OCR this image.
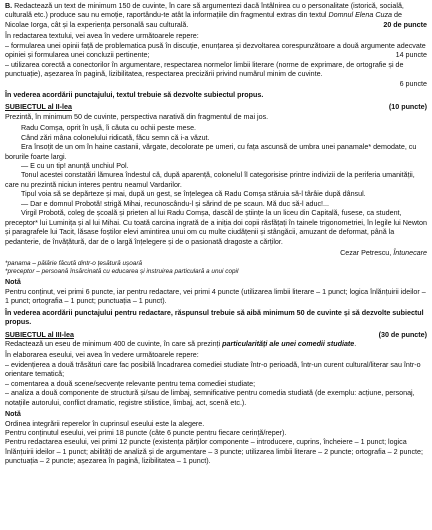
B. Redactează un text de minimum 150 de cuvinte, în care să argumentezi dacă întâlnirea cu o personalitate (istorică, socială, culturală etc.) produce sau nu emoție, raportându-te atât la informațiile din fragmentul extras din textul Domnul Elena Cuza de Nicolae Iorga, cât și la experiența personală sau culturală.	20 de puncte

În redactarea textului, vei avea în vedere următoarele repere:

– formularea unei opinii față de problematica pusă în discuție, enunțarea și dezvoltarea corespunzătoare a două argumente adecvate opiniei și formularea unei concluzii pertinente;	14 puncte

– utilizarea corectă a conectorilor în argumentare, respectarea normelor limbii literare (norme de exprimare, de ortografie și de punctuație), așezarea în pagină, lizibilitatea, respectarea precizării privind numărul minim de cuvinte.

6 puncte

În vederea acordării punctajului, textul trebuie să dezvolte subiectul propus.

SUBIECTUL al II-lea	(10 puncte)

Prezintă, în minimum 50 de cuvinte, perspectiva narativă din fragmentul de mai jos.

Radu Comșa, oprit în ușă, îi căuta cu ochii peste mese.

Când zări mâna colonelului ridicată, făcu semn că i-a văzut.

Era însoțit de un om în haine castanii, vărgate, decolorate pe umeri, cu fața ascunsă de umbra unei panamale* demodate, cu borurile foarte largi.

— E cu un tip! anunță unchiul Pol.

Tonul acestei constatări lămurea îndestul că, după aparență, colonelul îl categorisise printre indivizii de la periferia umanității, care nu prezintă niciun interes pentru neamul Vardarilor.

Tipul voia să se depărteze și mai, după un gest, se înțelegea că Radu Comșa stăruia să-l târâie după dânsul.

— Dar e domnul Probotă! strigă Mihai, recunoscându-l și sărind de pe scaun. Mă duc să-l aduc!...

Virgil Probotă, coleg de școală și prieten al lui Radu Comșa, dascăl de științe la un liceu din Capitală, fusese, ca student, preceptor* lui Luminița și al lui Mihai. Cu toată carcina ingrată de a iniția doi copii răsfățați în tainele trigonometriei, în legile lui Newton și paragrafele lui Tacit, lăsase foștilor elevi amintirea unui om cu multe ciudățenii și stângăcii, amuzant de deformat, până la pedanterie, de învățătură, dar de o largă înțelegere și de o pasionată dragoste a cărților.

Cezar Petrescu, Întunecare

*panama – pălărie făcută dintr-o țesătură ușoară

*preceptor – persoană însărcinată cu educarea și instruirea particulară a unui copil

Notă

Pentru conținut, vei primi 6 puncte, iar pentru redactare, vei primi 4 puncte (utilizarea limbii literare – 1 punct; logica înlănțuirii ideilor – 1 punct; ortografia – 1 punct; punctuația – 1 punct).

În vederea acordării punctajului pentru redactare, răspunsul trebuie să aibă minimum 50 de cuvinte și să dezvolte subiectul propus.

SUBIECTUL al III-lea	(30 de puncte)

Redactează un eseu de minimum 400 de cuvinte, în care să prezinți particularități ale unei comedii studiate.

În elaborarea eseului, vei avea în vedere următoarele repere:

– evidențierea a două trăsături care fac posibilă încadrarea comediei studiate într-o perioadă, într-un curent cultural/literar sau într-o orientare tematică;

– comentarea a două scene/secvențe relevante pentru tema comediei studiate;

– analiza a două componente de structură și/sau de limbaj, semnificative pentru comedia studiată (de exemplu: acțiune, personaj, notațiile autorului, conflict dramatic, registre stilistice, limbaj, act, scenă etc.).

Notă

Ordinea integrării reperelor în cuprinsul eseului este la alegere.

Pentru conținutul eseului, vei primi 18 puncte (câte 6 puncte pentru fiecare cerință/reper).

Pentru redactarea eseului, vei primi 12 puncte (existența părților componente – introducere, cuprins, încheiere – 1 punct; logica înlănțuirii ideilor – 1 punct; abilități de analiză și de argumentare – 3 puncte; utilizarea limbii literare – 2 puncte; ortografia – 2 puncte; punctuația – 2 puncte; așezarea în pagină, lizibilitatea – 1 punct).
